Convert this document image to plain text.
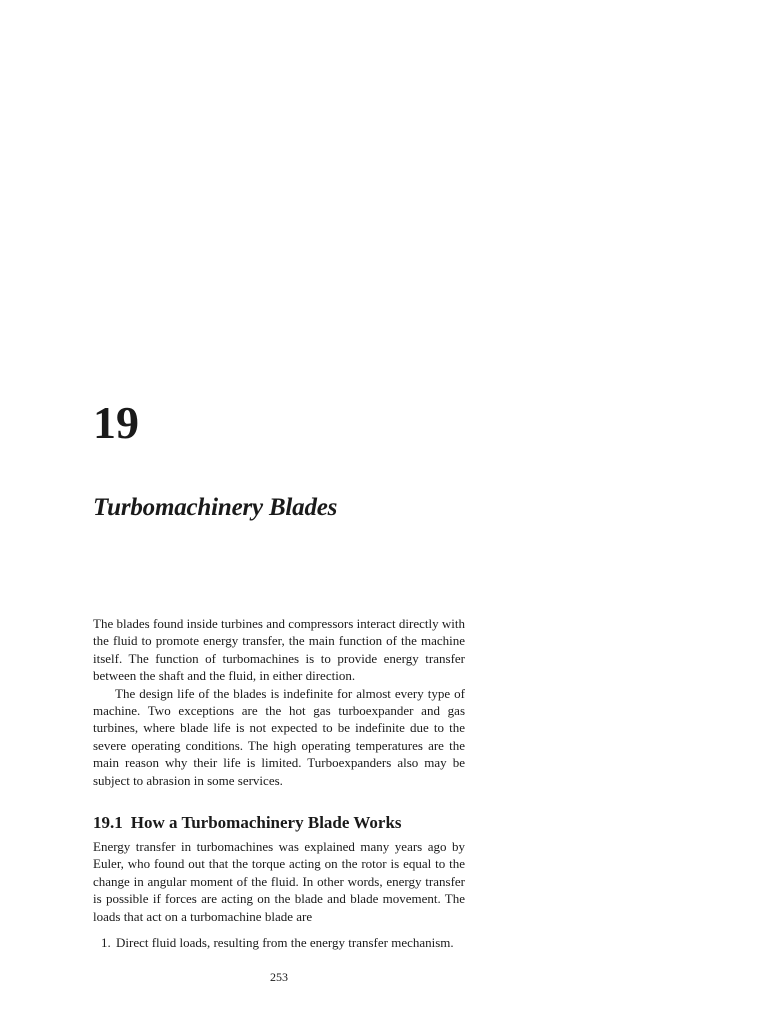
19
Turbomachinery Blades

The blades found inside turbines and compressors interact directly with the fluid to promote energy transfer, the main function of the machine itself. The function of turbomachines is to provide energy transfer between the shaft and the fluid, in either direction.

The design life of the blades is indefinite for almost every type of machine. Two exceptions are the hot gas turboexpander and gas turbines, where blade life is not expected to be indefinite due to the severe operating conditions. The high operating temperatures are the main reason why their life is limited. Turboexpanders also may be subject to abrasion in some services.

19.1 How a Turbomachinery Blade Works

Energy transfer in turbomachines was explained many years ago by Euler, who found out that the torque acting on the rotor is equal to the change in angular moment of the fluid. In other words, energy transfer is possible if forces are acting on the blade and blade movement. The loads that act on a turbomachine blade are

1. Direct fluid loads, resulting from the energy transfer mechanism.
253
